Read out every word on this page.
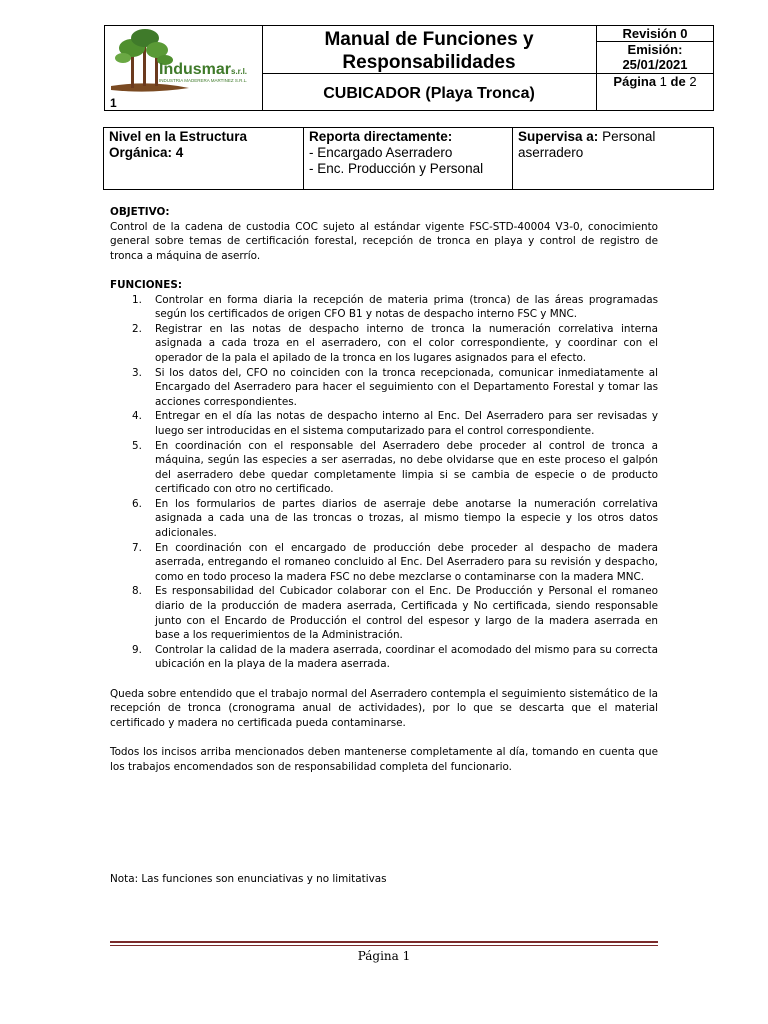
Indusmar s.r.l.
INDUSTRIA MADERERA MARTINEZ S.R.L.
1
Manual de Funciones y Responsabilidades
CUBICADOR (Playa Tronca)
Revisión 0
Emisión:
25/01/2021
Página 1 de 2
Nivel en la Estructura Orgánica: 4
Reporta directamente:
- Encargado Aserradero
- Enc. Producción y Personal
Supervisa a: Personal aserradero

OBJETIVO:

Control de la cadena de custodia COC sujeto al estándar vigente FSC-STD-40004 V3-0, conocimiento general sobre temas de certificación forestal, recepción de tronca en playa y control de registro de tronca a máquina de aserrío.

FUNCIONES:

1. Controlar en forma diaria la recepción de materia prima (tronca) de las áreas programadas según los certificados de origen CFO B1 y notas de despacho interno FSC y MNC.
2. Registrar en las notas de despacho interno de tronca la numeración correlativa interna asignada a cada troza en el aserradero, con el color correspondiente, y coordinar con el operador de la pala el apilado de la tronca en los lugares asignados para el efecto.
3. Si los datos del, CFO no coinciden con la tronca recepcionada, comunicar inmediatamente al Encargado del Aserradero para hacer el seguimiento con el Departamento Forestal y tomar las acciones correspondientes.
4. Entregar en el día las notas de despacho interno al Enc. Del Aserradero para ser revisadas y luego ser introducidas en el sistema computarizado para el control correspondiente.
5. En coordinación con el responsable del Aserradero debe proceder al control de tronca a máquina, según las especies a ser aserradas, no debe olvidarse que en este proceso el galpón del aserradero debe quedar completamente limpia si se cambia de especie o de producto certificado con otro no certificado.
6. En los formularios de partes diarios de aserraje debe anotarse la numeración correlativa asignada a cada una de las troncas o trozas, al mismo tiempo la especie y los otros datos adicionales.
7. En coordinación con el encargado de producción debe proceder al despacho de madera aserrada, entregando el romaneo concluido al Enc. Del Aserradero para su revisión y despacho, como en todo proceso la madera FSC no debe mezclarse o contaminarse con la madera MNC.
8. Es responsabilidad del Cubicador colaborar con el Enc. De Producción y Personal el romaneo diario de la producción de madera aserrada, Certificada y No certificada, siendo responsable junto con el Encardo de Producción el control del espesor y largo de la madera aserrada en base a los requerimientos de la Administración.
9. Controlar la calidad de la madera aserrada, coordinar el acomodado del mismo para su correcta ubicación en la playa de la madera aserrada.

Queda sobre entendido que el trabajo normal del Aserradero contempla el seguimiento sistemático de la recepción de tronca (cronograma anual de actividades), por lo que se descarta que el material certificado y madera no certificada pueda contaminarse.

Todos los incisos arriba mencionados deben mantenerse completamente al día, tomando en cuenta que los trabajos encomendados son de responsabilidad completa del funcionario.

Nota: Las funciones son enunciativas y no limitativas
Página 1
